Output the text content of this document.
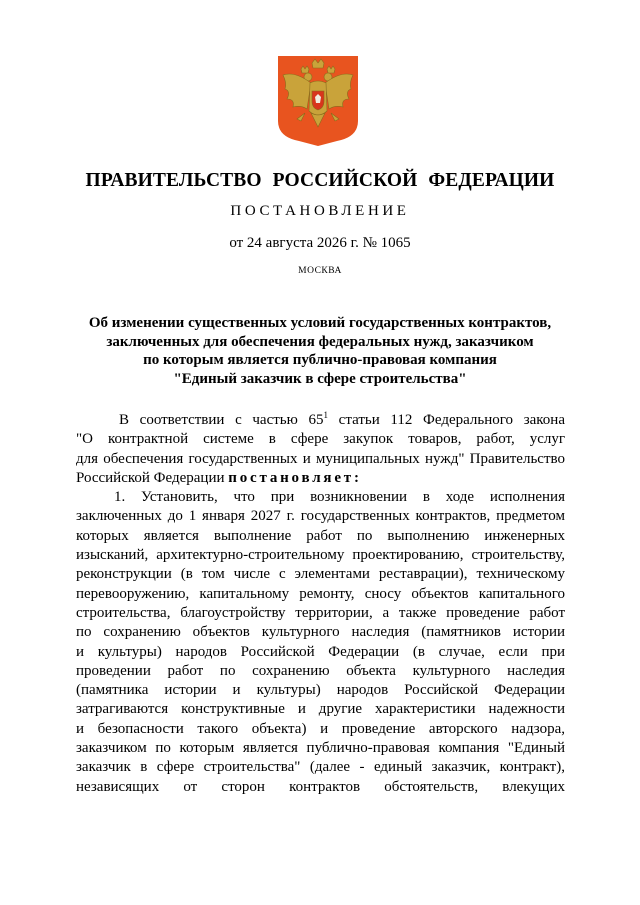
ПРАВИТЕЛЬСТВО РОССИЙСКОЙ ФЕДЕРАЦИИ
ПОСТАНОВЛЕНИЕ
от 24 августа 2026 г. № 1065
МОСКВА
Об изменении существенных условий государственных контрактов,
заключенных для обеспечения федеральных нужд, заказчиком
по которым является публично-правовая компания
"Единый заказчик в сфере строительства"
В соответствии с частью $65^1$ статьи 112 Федерального закона
"О контрактной системе в сфере закупок товаров, работ, услуг
для обеспечения государственных и муниципальных нужд" Правительство
Российской Федерации постановляет:
1. Установить, что при возникновении в ходе исполнения
заключенных до 1 января 2027 г. государственных контрактов, предметом
которых является выполнение работ по выполнению инженерных
изысканий, архитектурно-строительному проектированию, строительству,
реконструкции (в том числе с элементами реставрации), техническому
перевооружению, капитальному ремонту, сносу объектов капитального
строительства, благоустройству территории, а также проведение работ
по сохранению объектов культурного наследия (памятников истории
и культуры) народов Российской Федерации (в случае, если при
проведении работ по сохранению объекта культурного наследия
(памятника истории и культуры) народов Российской Федерации
затрагиваются конструктивные и другие характеристики надежности
и безопасности такого объекта) и проведение авторского надзора,
заказчиком по которым является публично-правовая компания "Единый
заказчик в сфере строительства" (далее - единый заказчик, контракт),
независящих от сторон контрактов обстоятельств, влекущих
